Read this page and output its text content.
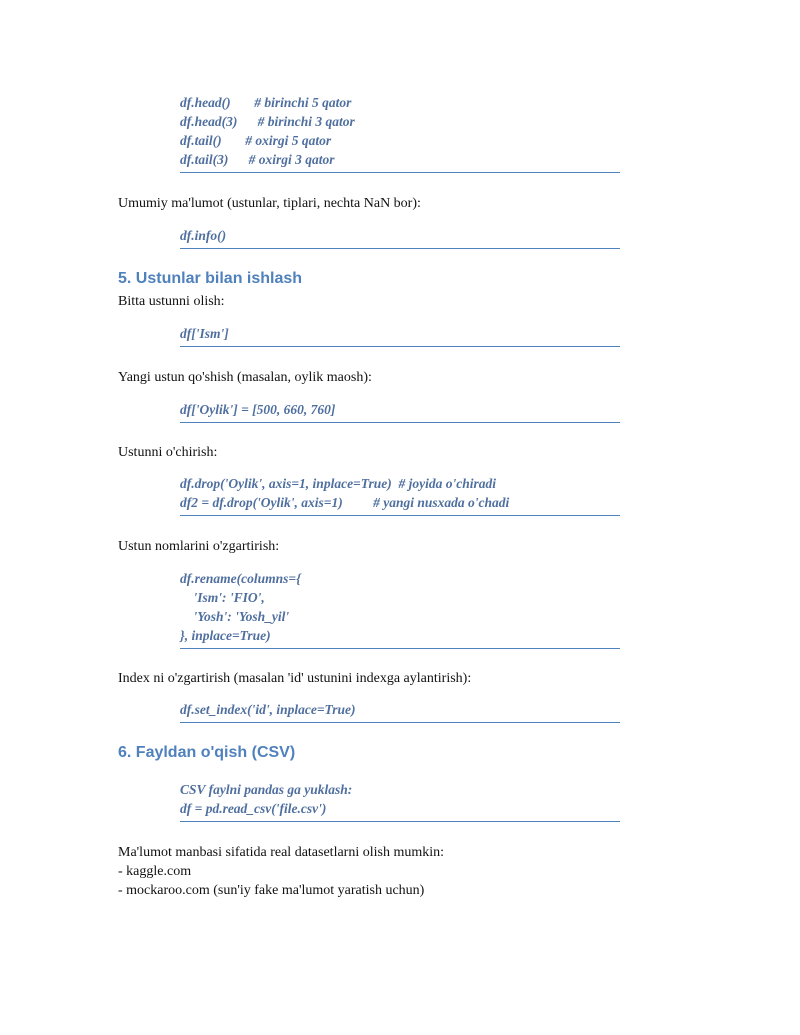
df.head()       # birinchi 5 qator
df.head(3)      # birinchi 3 qator
df.tail()       # oxirgi 5 qator
df.tail(3)      # oxirgi 3 qator
Umumiy ma'lumot (ustunlar, tiplari, nechta NaN bor):
df.info()
5. Ustunlar bilan ishlash
Bitta ustunni olish:
df['Ism']
Yangi ustun qo'shish (masalan, oylik maosh):
df['Oylik'] = [500, 660, 760]
Ustunni o'chirish:
df.drop('Oylik', axis=1, inplace=True)  # joyida o'chiradi
df2 = df.drop('Oylik', axis=1)         # yangi nusxada o'chadi
Ustun nomlarini o'zgartirish:
df.rename(columns={
'Ism': 'FIO',
'Yosh': 'Yosh_yil'
}, inplace=True)
Index ni o'zgartirish (masalan 'id' ustunini indexga aylantirish):
df.set_index('id', inplace=True)
6. Fayldan o'qish (CSV)
CSV faylni pandas ga yuklash:
df = pd.read_csv('file.csv')
Ma'lumot manbasi sifatida real datasetlarni olish mumkin:
- kaggle.com
- mockaroo.com (sun'iy fake ma'lumot yaratish uchun)
